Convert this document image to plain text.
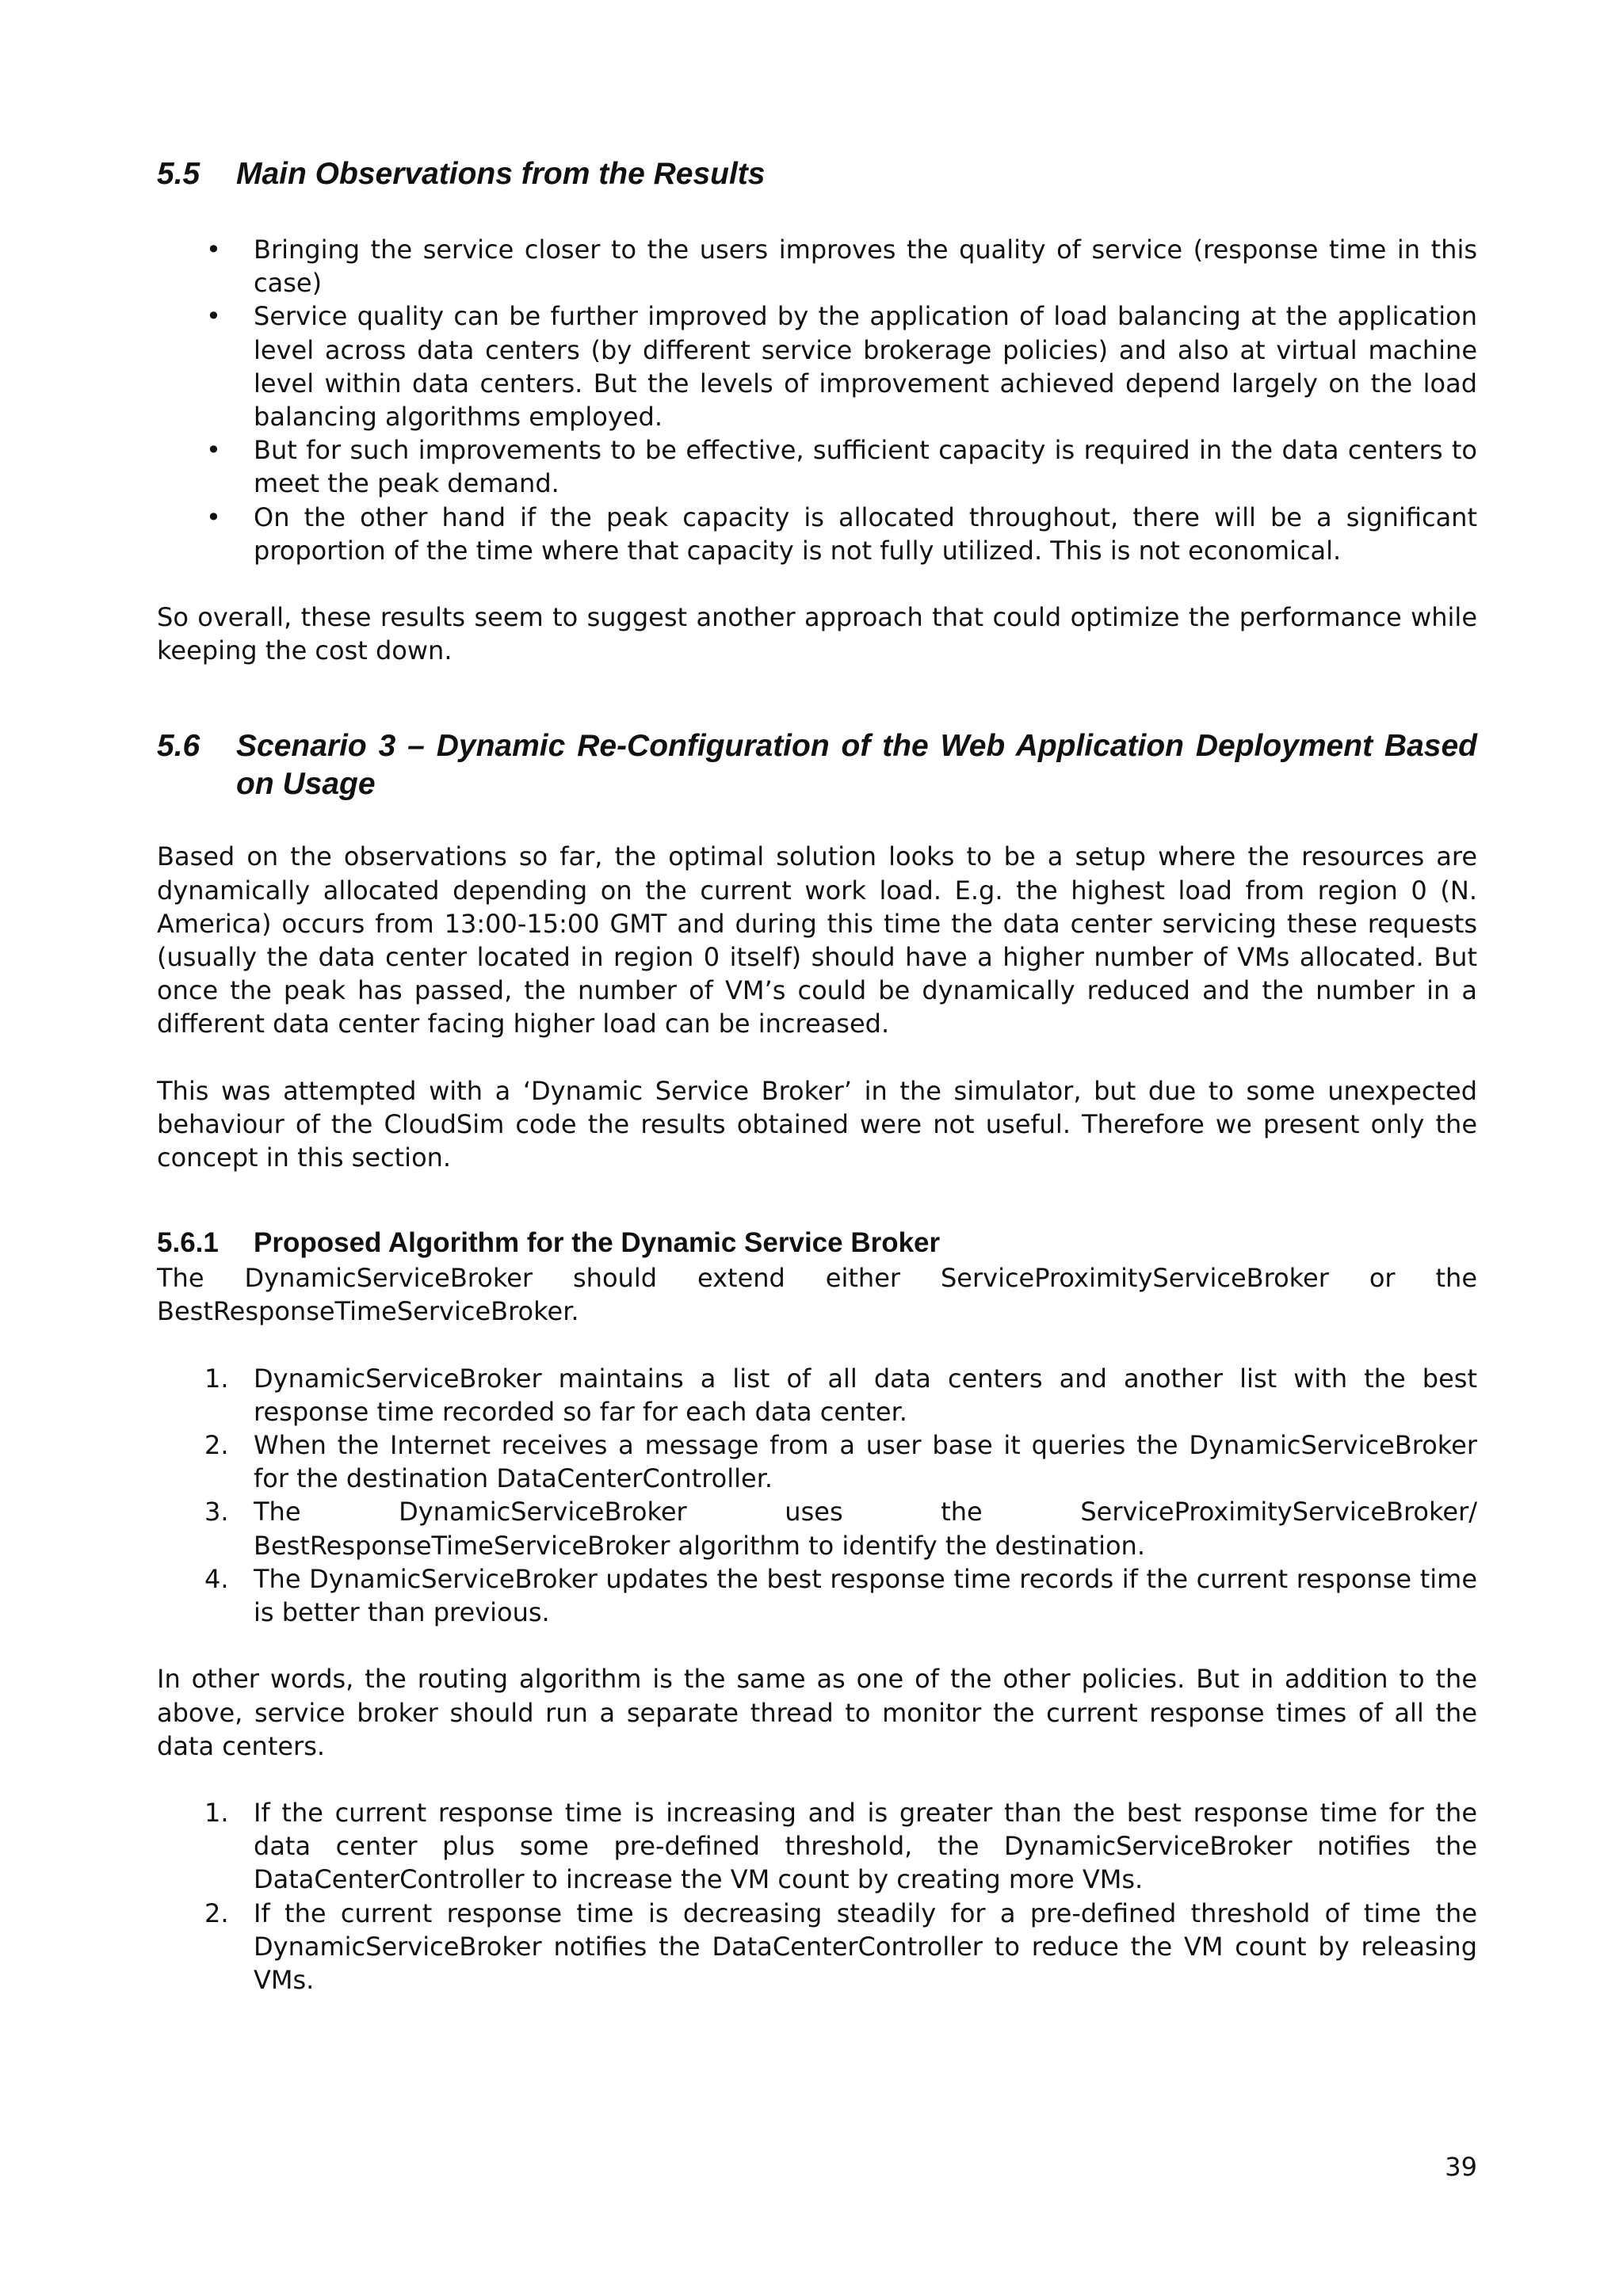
5.5	Main Observations from the Results
• Bringing the service closer to the users improves the quality of service (response time in this case)
• Service quality can be further improved by the application of load balancing at the application level across data centers (by different service brokerage policies) and also at virtual machine level within data centers. But the levels of improvement achieved depend largely on the load balancing algorithms employed.
• But for such improvements to be effective, sufficient capacity is required in the data centers to meet the peak demand.
• On the other hand if the peak capacity is allocated throughout, there will be a significant proportion of the time where that capacity is not fully utilized. This is not economical.

So overall, these results seem to suggest another approach that could optimize the performance while keeping the cost down.

5.6	Scenario 3 – Dynamic Re-Configuration of the Web Application Deployment Based on Usage

Based on the observations so far, the optimal solution looks to be a setup where the resources are dynamically allocated depending on the current work load. E.g. the highest load from region 0 (N. America) occurs from 13:00-15:00 GMT and during this time the data center servicing these requests (usually the data center located in region 0 itself) should have a higher number of VMs allocated. But once the peak has passed, the number of VM’s could be dynamically reduced and the number in a different data center facing higher load can be increased.

This was attempted with a ‘Dynamic Service Broker’ in the simulator, but due to some unexpected behaviour of the CloudSim code the results obtained were not useful. Therefore we present only the concept in this section.

5.6.1	Proposed Algorithm for the Dynamic Service Broker

The DynamicServiceBroker should extend either ServiceProximityServiceBroker or the BestResponseTimeServiceBroker.

1. DynamicServiceBroker maintains a list of all data centers and another list with the best response time recorded so far for each data center.
2. When the Internet receives a message from a user base it queries the DynamicServiceBroker for the destination DataCenterController.
3. The DynamicServiceBroker uses the ServiceProximityServiceBroker/
BestResponseTimeServiceBroker algorithm to identify the destination.
4. The DynamicServiceBroker updates the best response time records if the current response time is better than previous.

In other words, the routing algorithm is the same as one of the other policies. But in addition to the above, service broker should run a separate thread to monitor the current response times of all the data centers.

1. If the current response time is increasing and is greater than the best response time for the data center plus some pre-defined threshold, the DynamicServiceBroker notifies the DataCenterController to increase the VM count by creating more VMs.
2. If the current response time is decreasing steadily for a pre-defined threshold of time the DynamicServiceBroker notifies the DataCenterController to reduce the VM count by releasing VMs.
39
